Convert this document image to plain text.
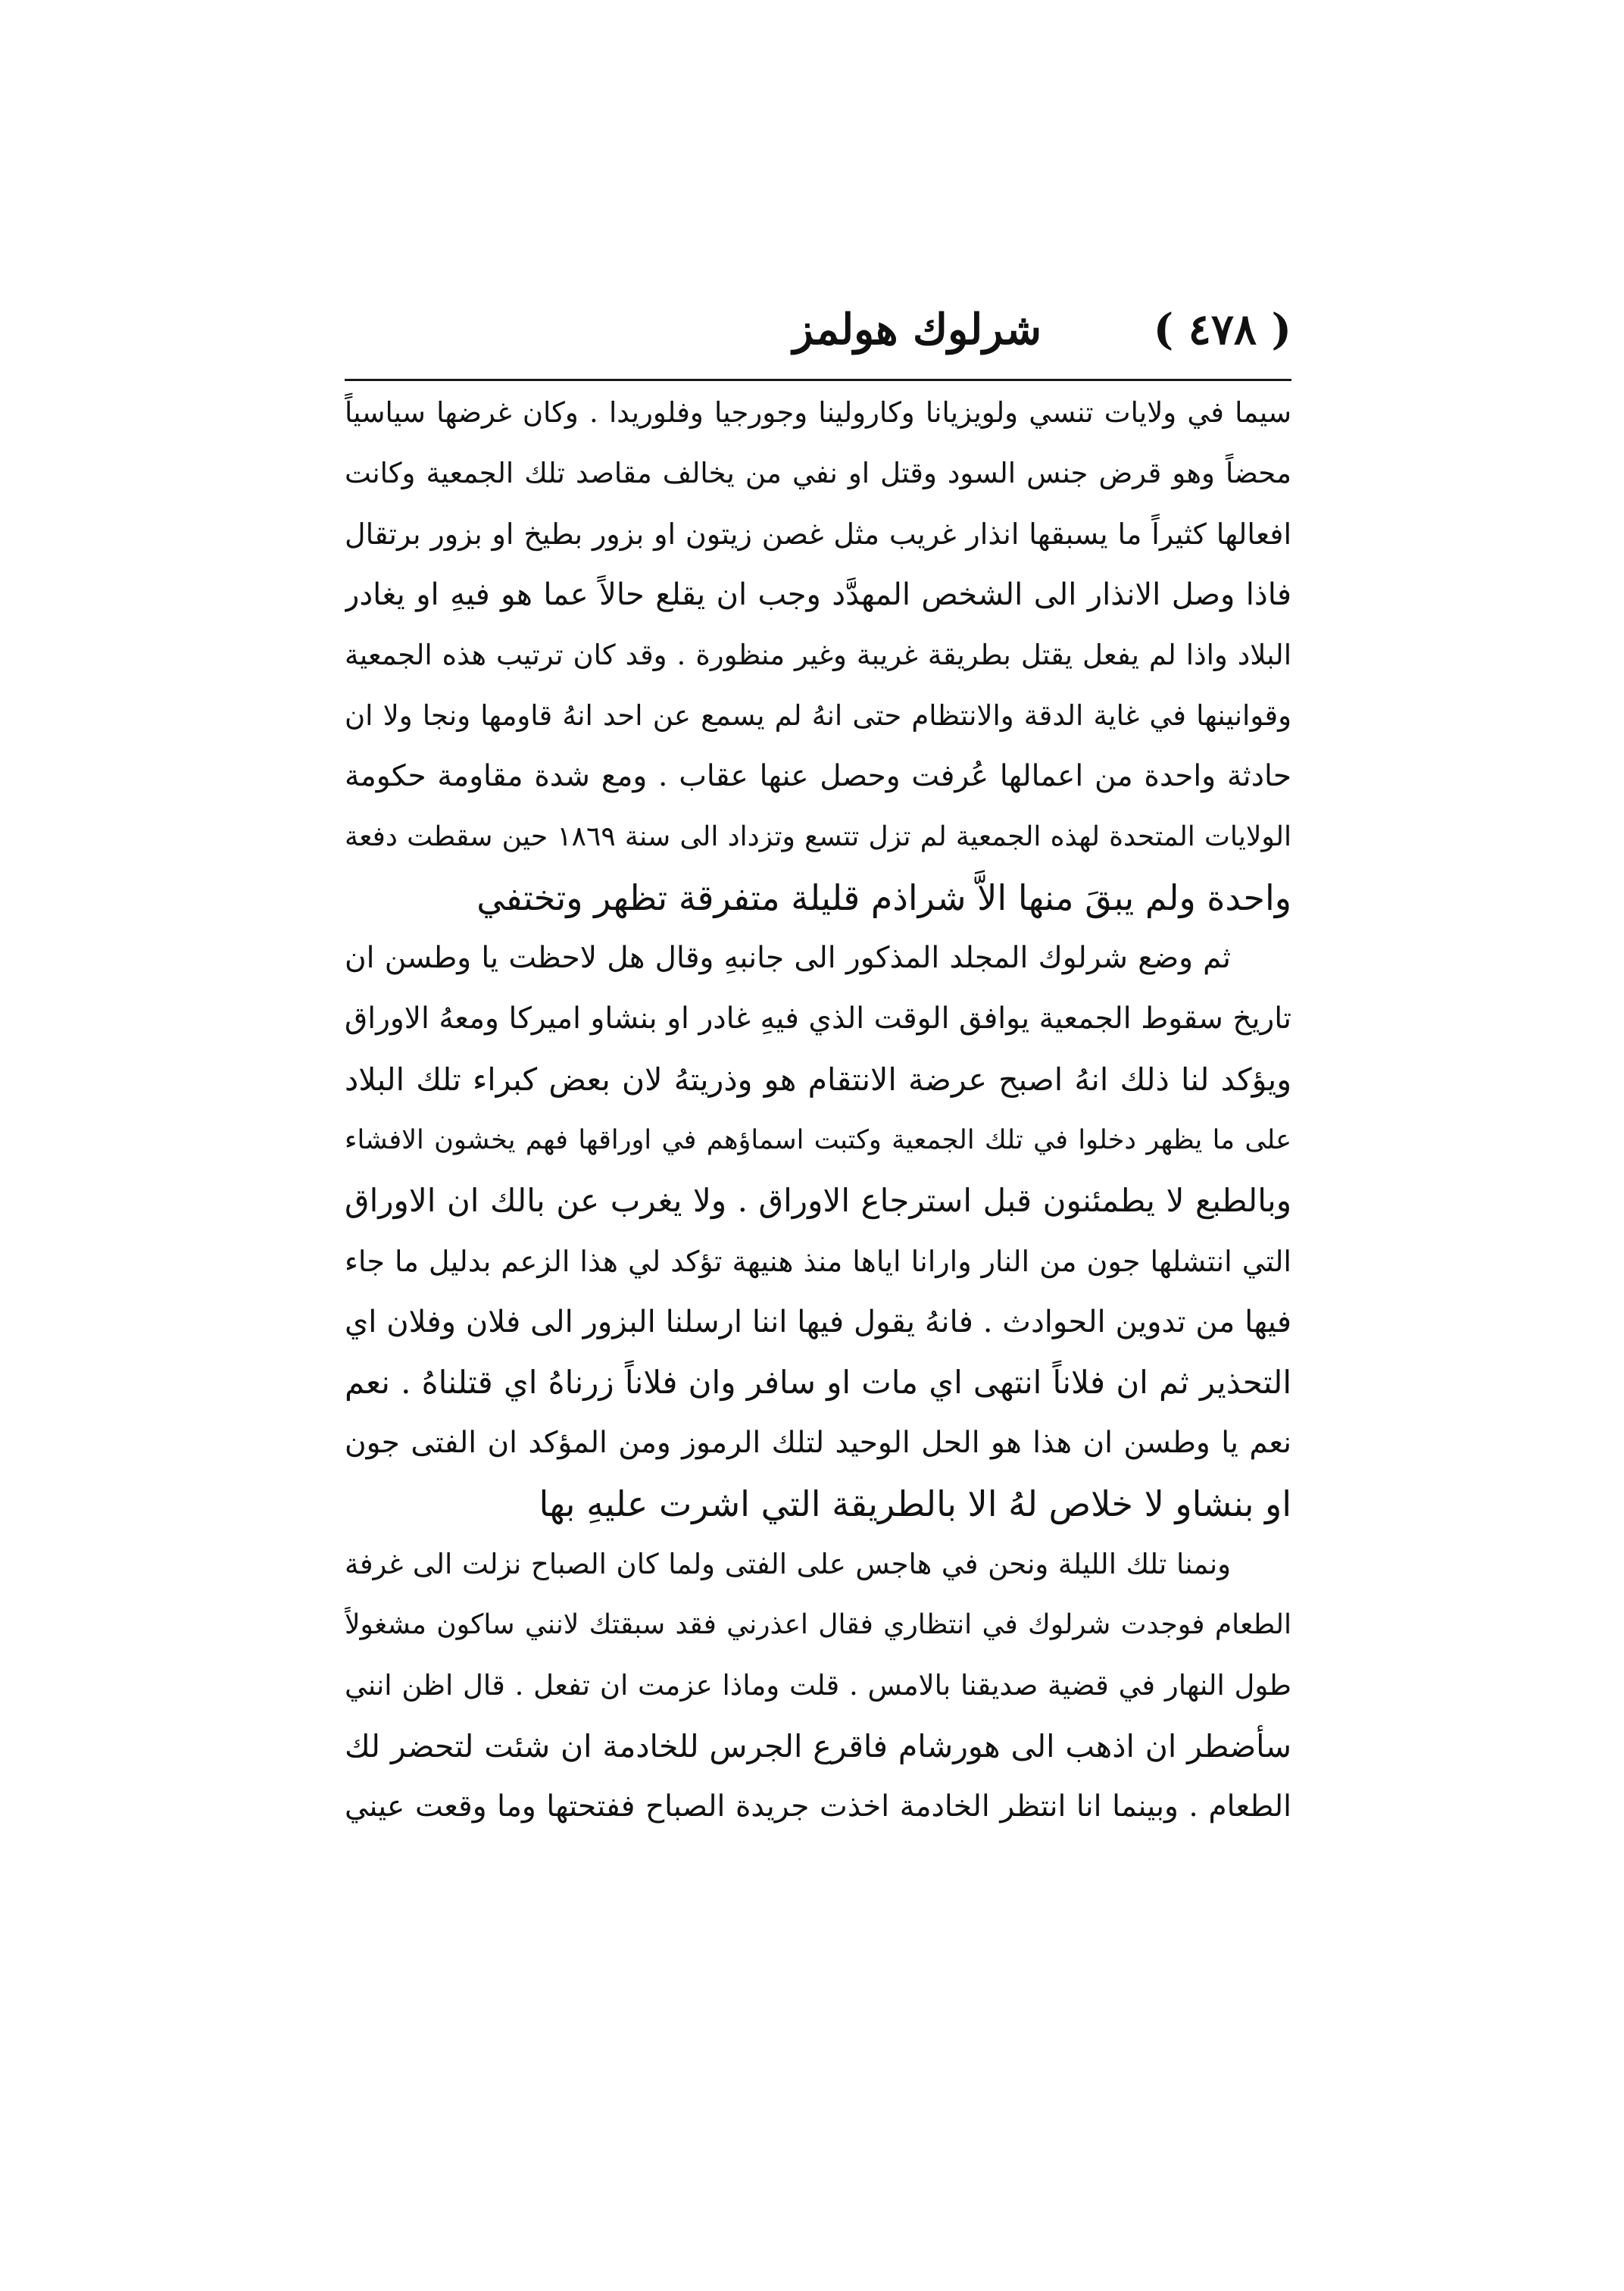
( ٤٧٨ )
شرلوك هولمز
سيما في ولايات تنسي ولويزيانا وكارولينا وجورجيا وفلوريدا . وكان غرضها سياسياً
محضاً وهو قرض جنس السود وقتل او نفي من يخالف مقاصد تلك الجمعية وكانت
افعالها كثيراً ما يسبقها انذار غريب مثل غصن زيتون او بزور بطيخ او بزور برتقال
فاذا وصل الانذار الى الشخص المهدَّد وجب ان يقلع حالاً عما هو فيهِ او يغادر
البلاد واذا لم يفعل يقتل بطريقة غريبة وغير منظورة . وقد كان ترتيب هذه الجمعية
وقوانينها في غاية الدقة والانتظام حتى انهُ لم يسمع عن احد انهُ قاومها ونجا ولا ان
حادثة واحدة من اعمالها عُرفت وحصل عنها عقاب . ومع شدة مقاومة حكومة
الولايات المتحدة لهذه الجمعية لم تزل تتسع وتزداد الى سنة ١٨٦٩ حين سقطت دفعة
واحدة ولم يبقَ منها الاَّ شراذم قليلة متفرقة تظهر وتختفي
ثم وضع شرلوك المجلد المذكور الى جانبهِ وقال هل لاحظت يا وطسن ان
تاريخ سقوط الجمعية يوافق الوقت الذي فيهِ غادر او بنشاو اميركا ومعهُ الاوراق
ويؤكد لنا ذلك انهُ اصبح عرضة الانتقام هو وذريتهُ لان بعض كبراء تلك البلاد
على ما يظهر دخلوا في تلك الجمعية وكتبت اسماؤهم في اوراقها فهم يخشون الافشاء
وبالطبع لا يطمئنون قبل استرجاع الاوراق . ولا يغرب عن بالك ان الاوراق
التي انتشلها جون من النار وارانا اياها منذ هنيهة تؤكد لي هذا الزعم بدليل ما جاء
فيها من تدوين الحوادث . فانهُ يقول فيها اننا ارسلنا البزور الى فلان وفلان اي
التحذير ثم ان فلاناً انتهى اي مات او سافر وان فلاناً زرناهُ اي قتلناهُ . نعم
نعم يا وطسن ان هذا هو الحل الوحيد لتلك الرموز ومن المؤكد ان الفتى جون
او بنشاو لا خلاص لهُ الا بالطريقة التي اشرت عليهِ بها
ونمنا تلك الليلة ونحن في هاجس على الفتى ولما كان الصباح نزلت الى غرفة
الطعام فوجدت شرلوك في انتظاري فقال اعذرني فقد سبقتك لانني ساكون مشغولاً
طول النهار في قضية صديقنا بالامس . قلت وماذا عزمت ان تفعل . قال اظن انني
سأضطر ان اذهب الى هورشام فاقرع الجرس للخادمة ان شئت لتحضر لك
الطعام . وبينما انا انتظر الخادمة اخذت جريدة الصباح ففتحتها وما وقعت عيني
